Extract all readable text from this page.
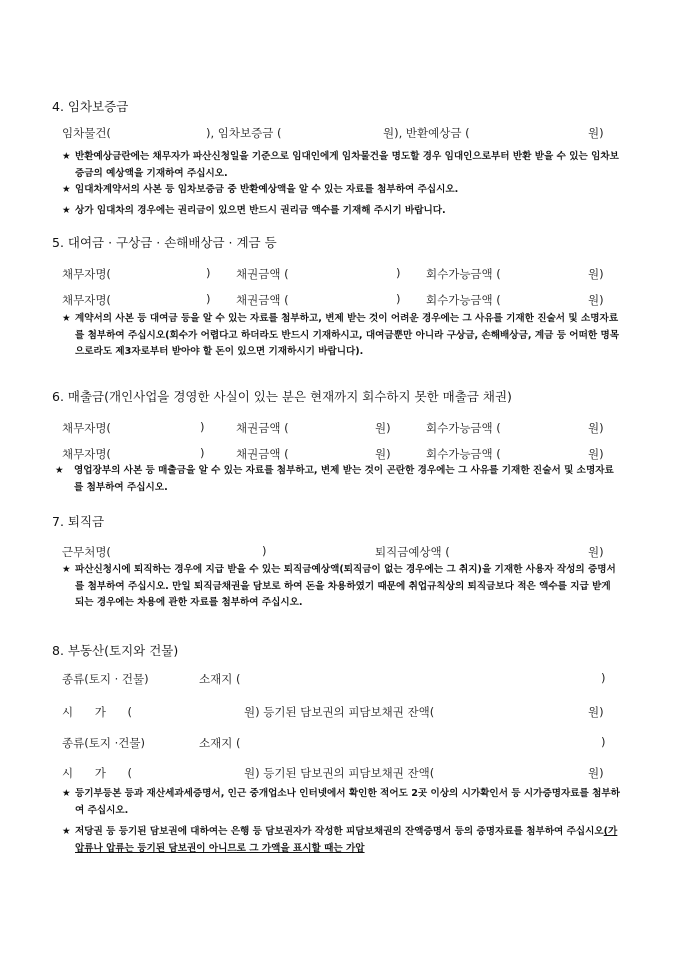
4. 임차보증금
임차물건(	), 임차보증금 (	원), 반환예상금 (	원)
★ 반환예상금란에는 채무자가 파산신청일을 기준으로 임대인에게 임차물건을 명도할 경우 임대인으로부터 반환 받을 수 있는 임차보증금의 예상액을 기재하여 주십시오.
★ 임대차계약서의 사본 등 임차보증금 중 반환예상액을 알 수 있는 자료를 첨부하여 주십시오.
★ 상가 임대차의 경우에는 권리금이 있으면 반드시 권리금 액수를 기재해 주시기 바랍니다.
5. 대여금 · 구상금 · 손해배상금 · 계금 등
채무자명(	) 채권금액 (	) 회수가능금액 (	원)
채무자명(	) 채권금액 (	) 회수가능금액 (	원)
★ 계약서의 사본 등 대여금 등을 알 수 있는 자료를 첨부하고, 변제 받는 것이 어려운 경우에는 그 사유를 기재한 진술서 및 소명자료를 첨부하여 주십시오(회수가 어렵다고 하더라도 반드시 기재하시고, 대여금뿐만 아니라 구상금, 손해배상금, 계금 등 어떠한 명목으로라도 제3자로부터 받아야 할 돈이 있으면 기재하시기 바랍니다).
6. 매출금(개인사업을 경영한 사실이 있는 분은 현재까지 회수하지 못한 매출금 채권)
채무자명(	)	채권금액 (	원)	회수가능금액 (	원)
채무자명(	)	채권금액 (	원)	회수가능금액 (	원)
★	영업장부의 사본 등 매출금을 알 수 있는 자료를 첨부하고, 변제 받는 것이 곤란한 경우에는 그 사유를 기재한 진술서 및 소명자료를 첨부하여 주십시오.
7. 퇴직금
근무처명(	)	퇴직금예상액 (	원)
★ 파산신청시에 퇴직하는 경우에 지급 받을 수 있는 퇴직금예상액(퇴직금이 없는 경우에는 그 취지)을 기재한 사용자 작성의 증명서를 첨부하여 주십시오. 만일 퇴직금채권을 담보로 하여 돈을 차용하였기 때문에 취업규칙상의 퇴직금보다 적은 액수를 지급 받게 되는 경우에는 차용에 관한 자료를 첨부하여 주십시오.
8. 부동산(토지와 건물)
종류(토지 · 건물)	소재지 (	)
시 가 (	원) 등기된 담보권의 피담보채권 잔액(	원)
종류(토지 ·건물)	소재지 (	)
시 가 (	원) 등기된 담보권의 피담보채권 잔액(	원)
★ 등기부등본 등과 재산세과세증명서, 인근 중개업소나 인터넷에서 확인한 적어도 2곳 이상의 시가확인서 등 시가증명자료를 첨부하여 주십시오.
★ 저당권 등 등기된 담보권에 대하여는 은행 등 담보권자가 작성한 피담보채권의 잔액증명서 등의 증명자료를 첨부하여 주십시오(가압류나 압류는 등기된 담보권이 아니므로 그 가액을 표시할 때는 가압
